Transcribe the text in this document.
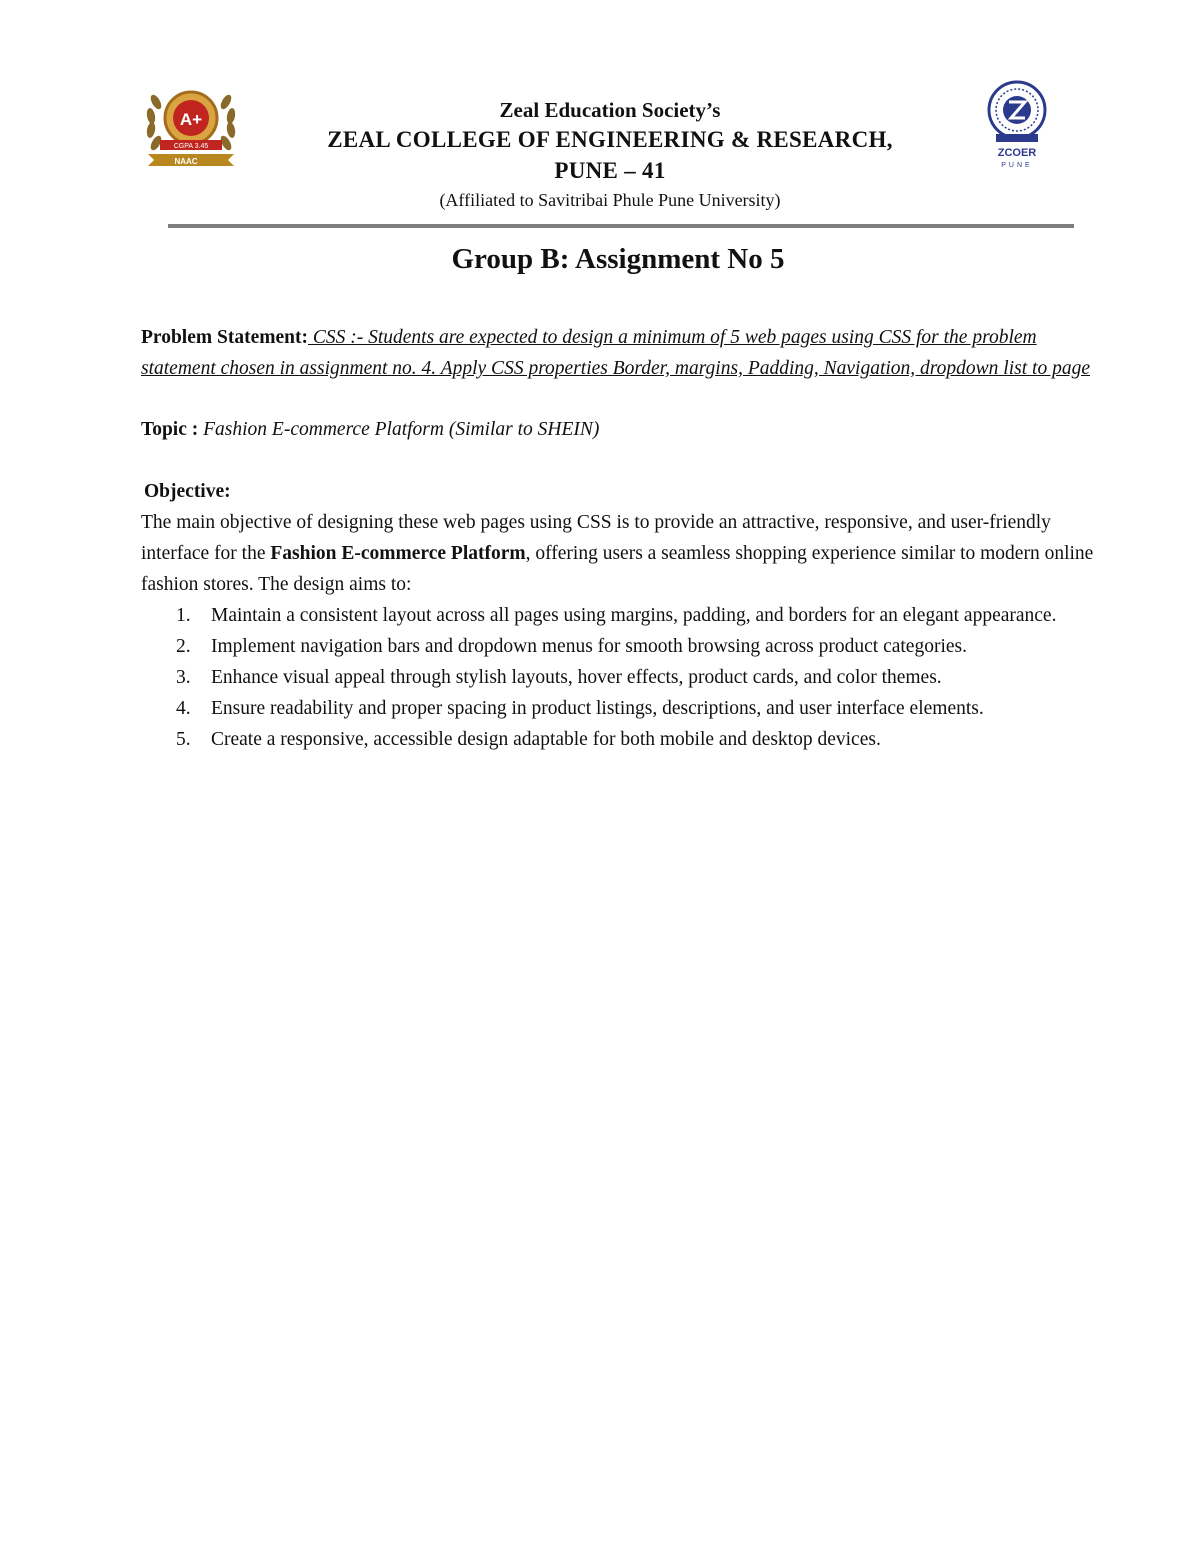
A+
CGPA 3.45
NAAC
Zeal Education Society’s
ZEAL COLLEGE OF ENGINEERING & RESEARCH,
PUNE – 41
(Affiliated to Savitribai Phule Pune University)
ZCOER
PUNE
Group B: Assignment No 5

Problem Statement: CSS :- Students are expected to design a minimum of 5 web pages using CSS for the problem statement chosen in assignment no. 4. Apply CSS properties Border, margins, Padding, Navigation, dropdown list to page

Topic : Fashion E-commerce Platform (Similar to SHEIN)

Objective:

The main objective of designing these web pages using CSS is to provide an attractive, responsive, and user-friendly interface for the Fashion E-commerce Platform, offering users a seamless shopping experience similar to modern online fashion stores. The design aims to:

1. Maintain a consistent layout across all pages using margins, padding, and borders for an elegant appearance.
2. Implement navigation bars and dropdown menus for smooth browsing across product categories.
3. Enhance visual appeal through stylish layouts, hover effects, product cards, and color themes.
4. Ensure readability and proper spacing in product listings, descriptions, and user interface elements.
5. Create a responsive, accessible design adaptable for both mobile and desktop devices.
